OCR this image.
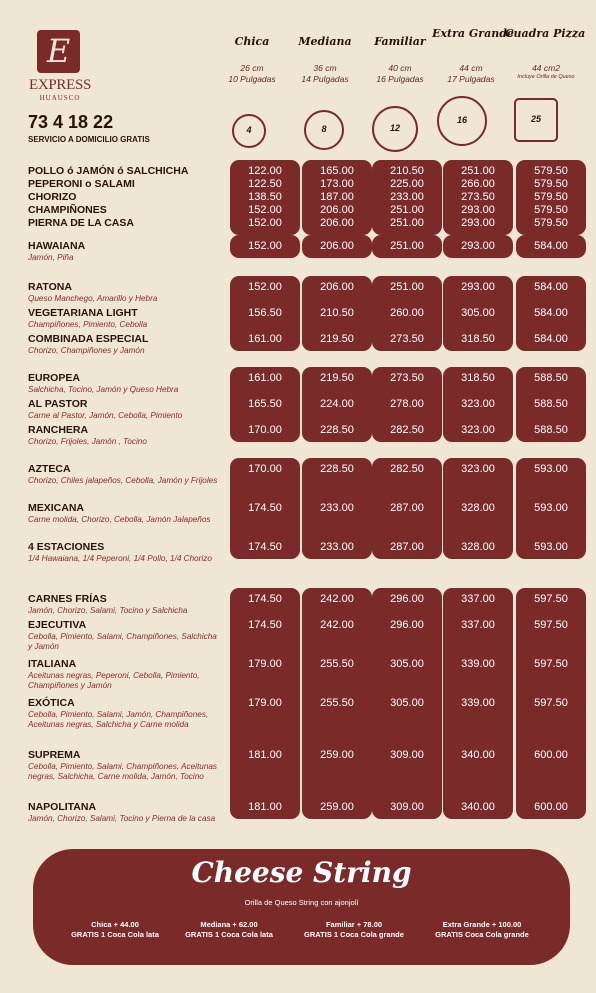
E
EXPRESS
HUAUSCO
73 4 18 22
SERVICIO A DOMICILIO GRATIS
Chica	Mediana	Familiar
Extra Grande
Cuadra Pizza
26 cm
10 Pulgadas
36 cm
14 Pulgadas
40 cm
16 Pulgadas
44 cm
17 Pulgadas
44 cm2
Incluye Orilla de Queso
4	8	12
16	25
POLLO ó JAMÓN ó SALCHICHA	122.00	165.00	210.50	251.00	579.50
PEPERONI o SALAMI	122.50	173.00	225.00	266.00	579.50
CHORIZO	138.50	187.00	233.00	273.50	579.50
CHAMPIÑONES	152.00	206.00	251.00	293.00	579.50
PIERNA DE LA CASA	152.00	206.00	251.00	293.00	579.50
HAWAIANA
Jamón, Piña
152.00	206.00	251.00	293.00	584.00
RATONA
Queso Manchego, Amarillo y Hebra
152.00	206.00	251.00	293.00	584.00
VEGETARIANA LIGHT
Champiñones, Pimiento, Cebolla
156.50	210.50	260.00	305.00	584.00
COMBINADA ESPECIAL
Chorizo, Champiñones y Jamón
161.00	219.50	273.50	318.50	584.00
EUROPEA
Salchicha, Tocino, Jamón y Queso Hebra
161.00	219.50	273.50	318.50	588.50
AL PASTOR
Carne al Pastor, Jamón, Cebolla, Pimiento
165.50	224.00	278.00	323.00	588.50
RANCHERA
Chorizo, Frijoles, Jamón , Tocino
170.00	228.50	282.50	323.00	588.50
AZTECA
Chorizo, Chiles jalapeños, Cebolla, Jamón y Frijoles
170.00	228.50	282.50	323.00	593.00
MEXICANA
Carne molida, Chorizo, Cebolla, Jamón Jalapeños
174.50	233.00	287.00	328.00	593.00
4 ESTACIONES
1/4 Hawaiana, 1/4 Peperoni, 1/4 Pollo, 1/4 Chorizo
174.50	233.00	287.00	328.00	593.00
CARNES FRÍAS
Jamón, Chorizo, Salami, Tocino y Salchicha
174.50	242.00	296.00	337.00	597.50
EJECUTIVA
Cebolla, Pimiento, Salami, Champiñones, Salchicha y Jamón
174.50	242.00	296.00	337.00	597.50
ITALIANA
Aceitunas negras, Peperoni, Cebolla, Pimiento, Champiñones y Jamón
179.00	255.50	305.00	339.00	597.50
EXÓTICA
Cebolla, Pimiento, Salami, Jamón, Champiñones, Aceitunas negras, Salchicha y Carne molida
179.00	255.50	305.00	339.00	597.50
SUPREMA
Cebolla, Pimiento, Salami, Champiñones, Aceitunas negras, Salchicha, Carne molida, Jamón, Tocino
181.00	259.00	309.00	340.00	600.00
NAPOLITANA
Jamón, Chorizo, Salami, Tocino y Pierna de la casa
181.00	259.00	309.00	340.00	600.00
Cheese String
Orilla de Queso String con ajonjolí
Chica + 44.00
GRATIS 1 Coca Cola lata
Mediana + 62.00
GRATIS 1 Coca Cola lata
Familiar + 78.00
GRATIS 1 Coca Cola grande
Extra Grande + 100.00
GRATIS Coca Cola grande
